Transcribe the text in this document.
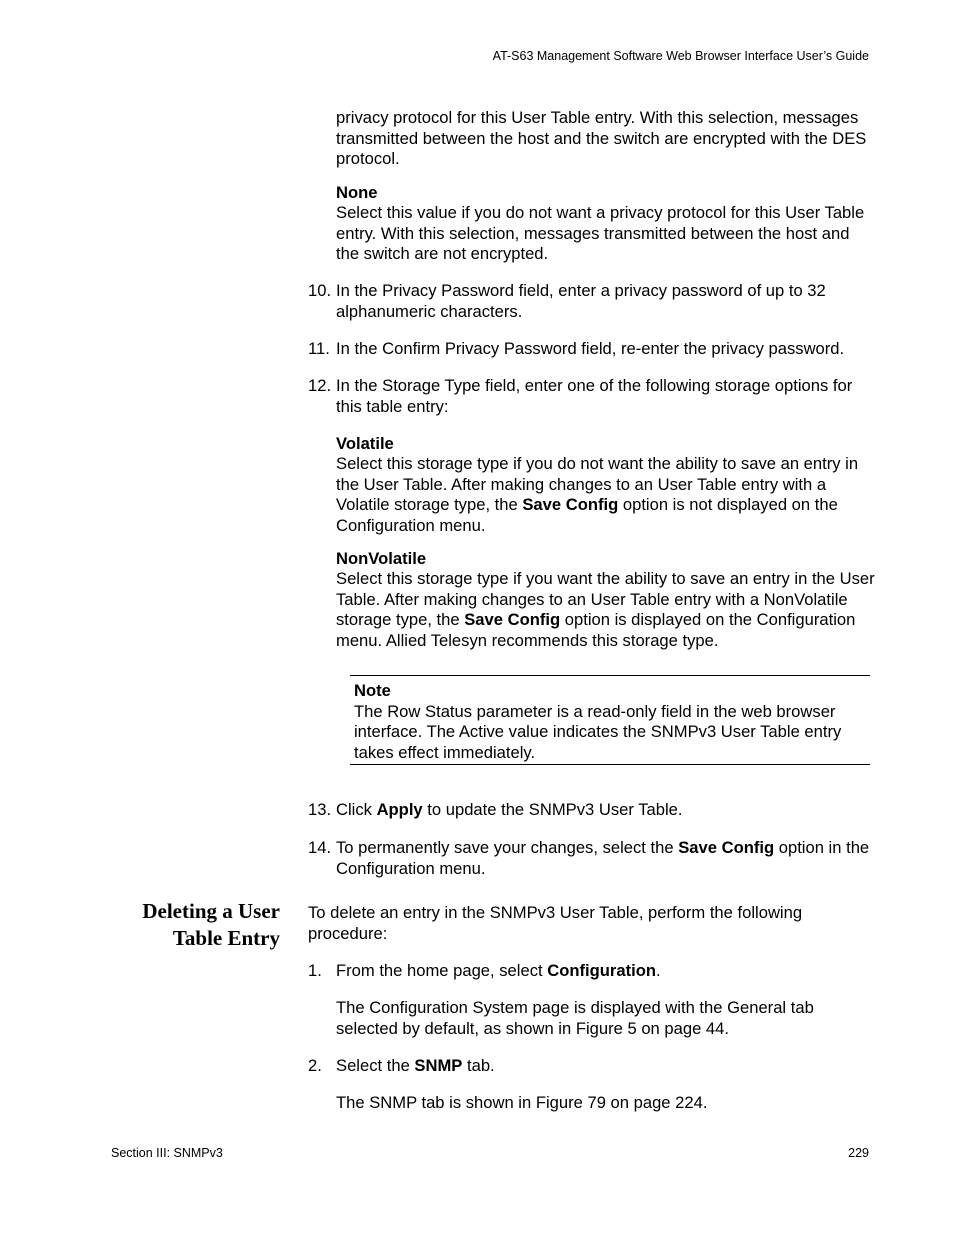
AT-S63 Management Software Web Browser Interface User’s Guide
privacy protocol for this User Table entry. With this selection, messages transmitted between the host and the switch are encrypted with the DES protocol.
None
Select this value if you do not want a privacy protocol for this User Table entry. With this selection, messages transmitted between the host and the switch are not encrypted.
10. In the Privacy Password field, enter a privacy password of up to 32 alphanumeric characters.
11. In the Confirm Privacy Password field, re-enter the privacy password.
12. In the Storage Type field, enter one of the following storage options for this table entry:
Volatile
Select this storage type if you do not want the ability to save an entry in the User Table. After making changes to an User Table entry with a Volatile storage type, the Save Config option is not displayed on the Configuration menu.
NonVolatile
Select this storage type if you want the ability to save an entry in the User Table. After making changes to an User Table entry with a NonVolatile storage type, the Save Config option is displayed on the Configuration menu. Allied Telesyn recommends this storage type.
Note
The Row Status parameter is a read-only field in the web browser interface. The Active value indicates the SNMPv3 User Table entry takes effect immediately.
13. Click Apply to update the SNMPv3 User Table.
14. To permanently save your changes, select the Save Config option in the Configuration menu.
Deleting a User
Table Entry
To delete an entry in the SNMPv3 User Table, perform the following procedure:
1. From the home page, select Configuration.
The Configuration System page is displayed with the General tab selected by default, as shown in Figure 5 on page 44.
2. Select the SNMP tab.
The SNMP tab is shown in Figure 79 on page 224.
Section III: SNMPv3	229
